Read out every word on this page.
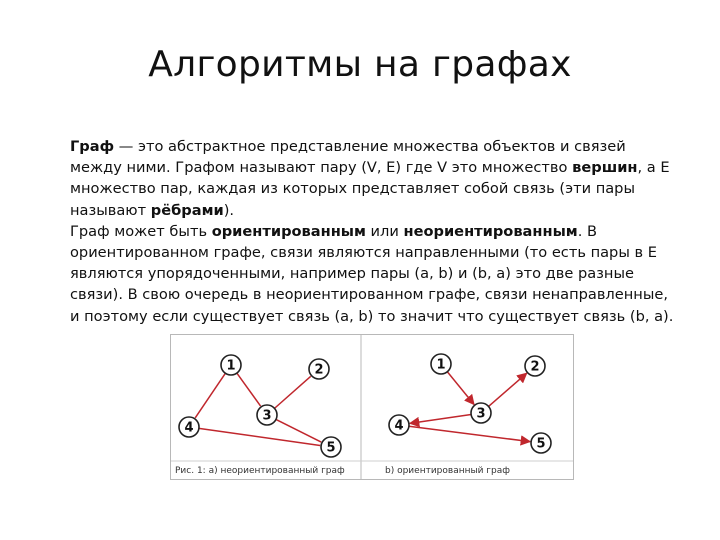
Алгоритмы на графах

Граф — это абстрактное представление множества объектов и связей
между ними. Графом называют пару (V, E) где V это множество вершин, а E
множество пар, каждая из которых представляет собой связь (эти пары
называют рёбрами).

Граф может быть ориентированным или неориентированным. В
ориентированном графе, связи являются направленными (то есть пары в E
являются упорядоченными, например пары (a, b) и (b, a) это две разные
связи). В свою очередь в неориентированном графе, связи ненаправленные,
и поэтому если существует связь (a, b) то значит что существует связь (b, a).

Рис. 1: а) неориентированный граф	b) ориентированный граф
1	2
3
4
5
1	2
3
4
5
